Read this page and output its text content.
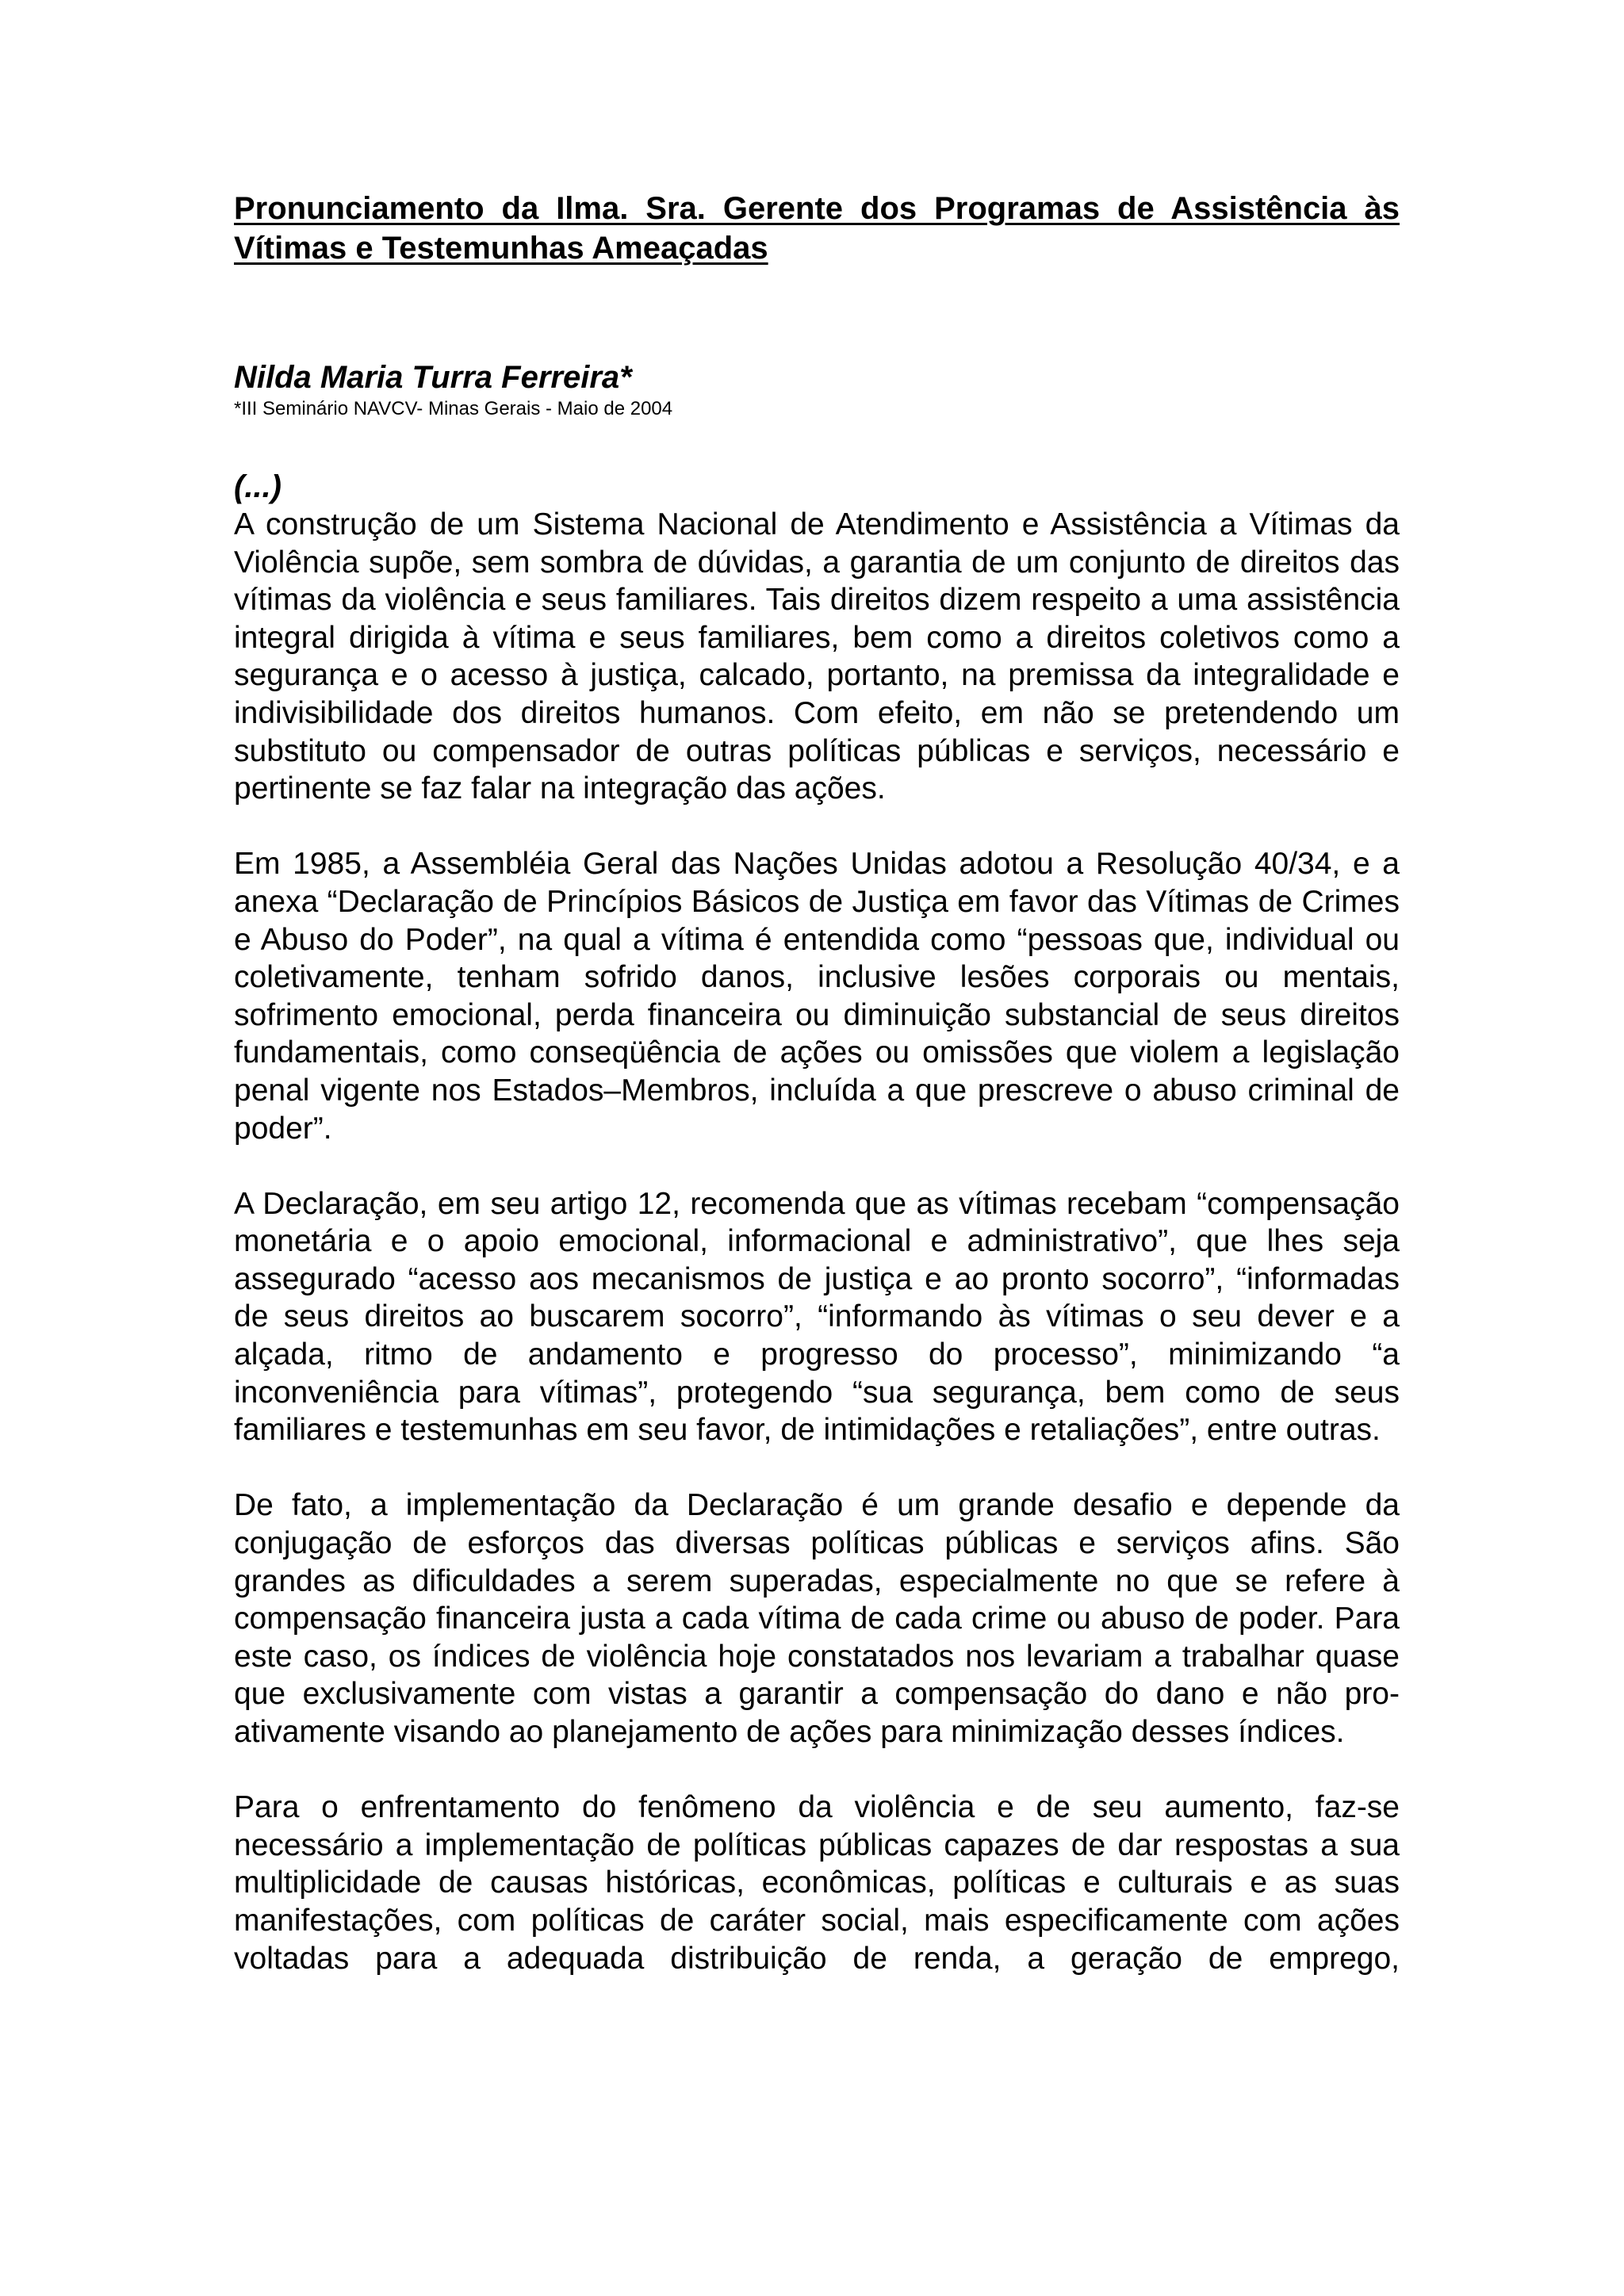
Pronunciamento da Ilma. Sra. Gerente dos Programas de Assistência às Vítimas e Testemunhas Ameaçadas
Nilda Maria Turra Ferreira*
*III Seminário NAVCV- Minas Gerais - Maio de 2004
(...)

A construção de um Sistema Nacional de Atendimento e Assistência a Vítimas da Violência supõe, sem sombra de dúvidas, a garantia de um conjunto de direitos das vítimas da violência e seus familiares. Tais direitos dizem respeito a uma assistência integral dirigida à vítima e seus familiares, bem como a direitos coletivos como a segurança e o acesso à justiça, calcado, portanto, na premissa da integralidade e indivisibilidade dos direitos humanos. Com efeito, em não se pretendendo um substituto ou compensador de outras políticas públicas e serviços, necessário e pertinente se faz falar na integração das ações.

Em 1985, a Assembléia Geral das Nações Unidas adotou a Resolução 40/34, e a anexa “Declaração de Princípios Básicos de Justiça em favor das Vítimas de Crimes e Abuso do Poder”, na qual a vítima é entendida como “pessoas que, individual ou coletivamente, tenham sofrido danos, inclusive lesões corporais ou mentais, sofrimento emocional, perda financeira ou diminuição substancial de seus direitos fundamentais, como conseqüência de ações ou omissões que violem a legislação penal vigente nos Estados–Membros, incluída a que prescreve o abuso criminal de poder”.

A Declaração, em seu artigo 12, recomenda que as vítimas recebam “compensação monetária e o apoio emocional, informacional e administrativo”, que lhes seja assegurado “acesso aos mecanismos de justiça e ao pronto socorro”, “informadas de seus direitos ao buscarem socorro”, “informando às vítimas o seu dever e a alçada, ritmo de andamento e progresso do processo”, minimizando “a inconveniência para vítimas”, protegendo “sua segurança, bem como de seus familiares e testemunhas em seu favor, de intimidações e retaliações”, entre outras.

De fato, a implementação da Declaração é um grande desafio e depende da conjugação de esforços das diversas políticas públicas e serviços afins. São grandes as dificuldades a serem superadas, especialmente no que se refere à compensação financeira justa a cada vítima de cada crime ou abuso de poder. Para este caso, os índices de violência hoje constatados nos levariam a trabalhar quase que exclusivamente com vistas a garantir a compensação do dano e não pro-ativamente visando ao planejamento de ações para minimização desses índices.

Para o enfrentamento do fenômeno da violência e de seu aumento, faz-se necessário a implementação de políticas públicas capazes de dar respostas a sua multiplicidade de causas históricas, econômicas, políticas e culturais e as suas manifestações, com políticas de caráter social, mais especificamente com ações voltadas para a adequada distribuição de renda, a geração de emprego,
